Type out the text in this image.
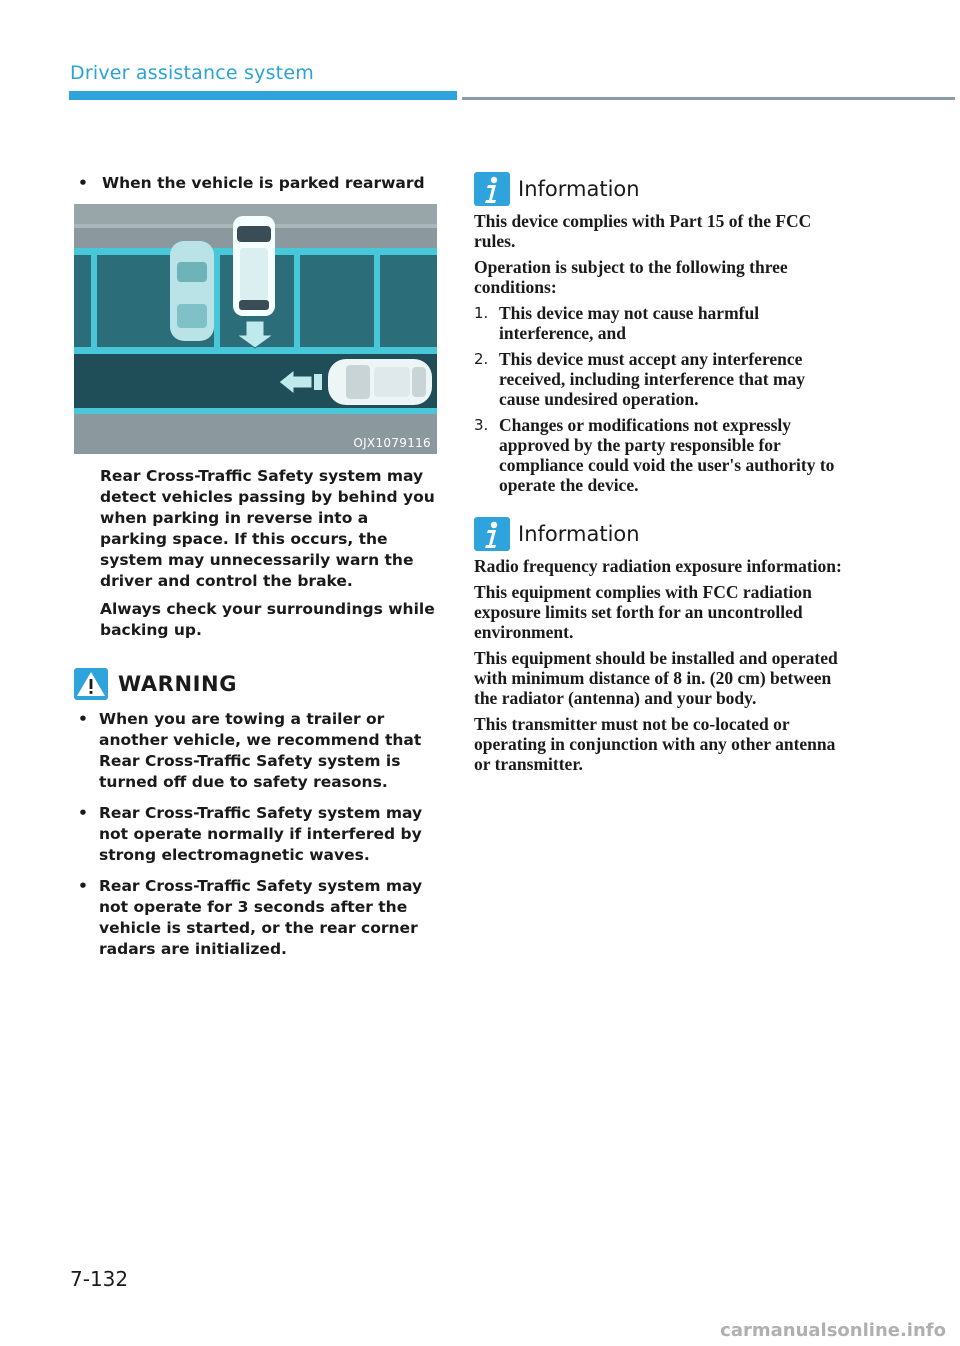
Driver assistance system
• When the vehicle is parked rearward
OJX1079116
Rear Cross-Traffic Safety system may detect vehicles passing by behind you when parking in reverse into a parking space. If this occurs, the system may unnecessarily warn the driver and control the brake.
Always check your surroundings while backing up.
WARNING
• When you are towing a trailer or another vehicle, we recommend that Rear Cross-Traffic Safety system is turned off due to safety reasons.
• Rear Cross-Traffic Safety system may not operate normally if interfered by strong electromagnetic waves.
• Rear Cross-Traffic Safety system may not operate for 3 seconds after the vehicle is started, or the rear corner radars are initialized.
Information
This device complies with Part 15 of the FCC rules.
Operation is subject to the following three conditions:
1. This device may not cause harmful interference, and
2. This device must accept any interference received, including interference that may cause undesired operation.
3. Changes or modifications not expressly approved by the party responsible for compliance could void the user's authority to operate the device.
Information
Radio frequency radiation exposure information:
This equipment complies with FCC radiation exposure limits set forth for an uncontrolled environment.
This equipment should be installed and operated with minimum distance of 8 in. (20 cm) between the radiator (antenna) and your body.
This transmitter must not be co-located or operating in conjunction with any other antenna or transmitter.
7-132
carmanualsonline.info
